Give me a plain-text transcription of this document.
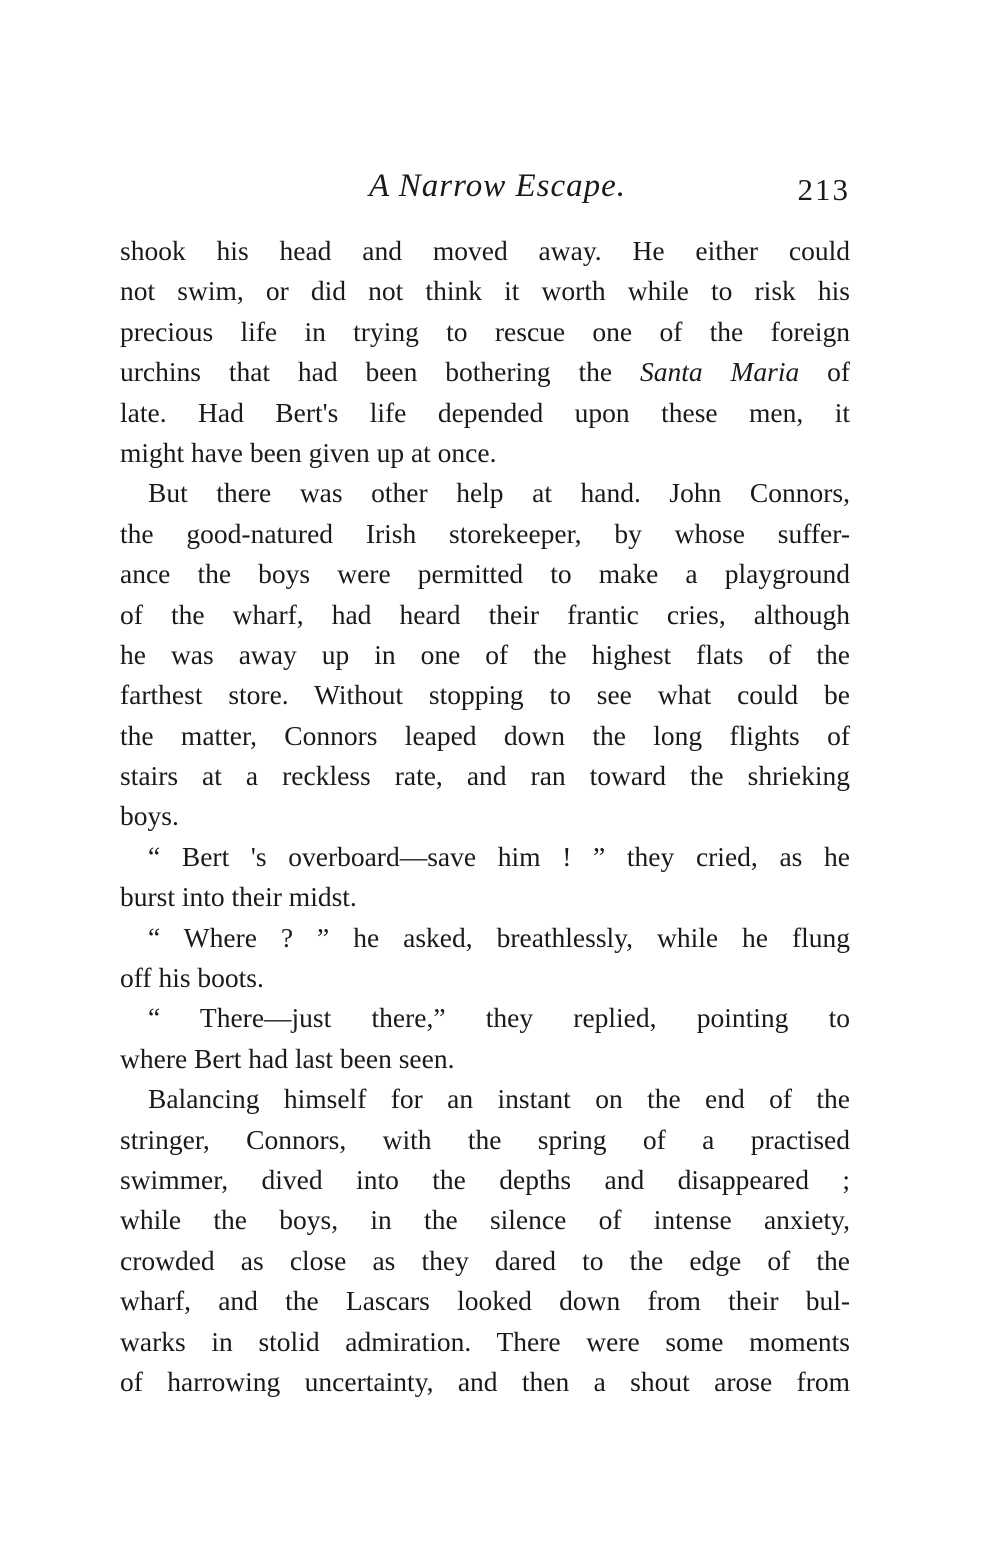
A Narrow Escape.	213

shook his head and moved away. He either could
not swim, or did not think it worth while to risk his
precious life in trying to rescue one of the foreign
urchins that had been bothering the Santa Maria of
late. Had Bert's life depended upon these men, it
might have been given up at once.

But there was other help at hand. John Connors,
the good-natured Irish storekeeper, by whose suffer-
ance the boys were permitted to make a playground
of the wharf, had heard their frantic cries, although
he was away up in one of the highest flats of the
farthest store. Without stopping to see what could be
the matter, Connors leaped down the long flights of
stairs at a reckless rate, and ran toward the shrieking
boys.

“ Bert 's overboard—save him ! ” they cried, as he
burst into their midst.

“ Where ? ” he asked, breathlessly, while he flung
off his boots.

“ There—just there,” they replied, pointing to
where Bert had last been seen.

Balancing himself for an instant on the end of the
stringer, Connors, with the spring of a practised
swimmer, dived into the depths and disappeared ;
while the boys, in the silence of intense anxiety,
crowded as close as they dared to the edge of the
wharf, and the Lascars looked down from their bul-
warks in stolid admiration. There were some moments
of harrowing uncertainty, and then a shout arose from
